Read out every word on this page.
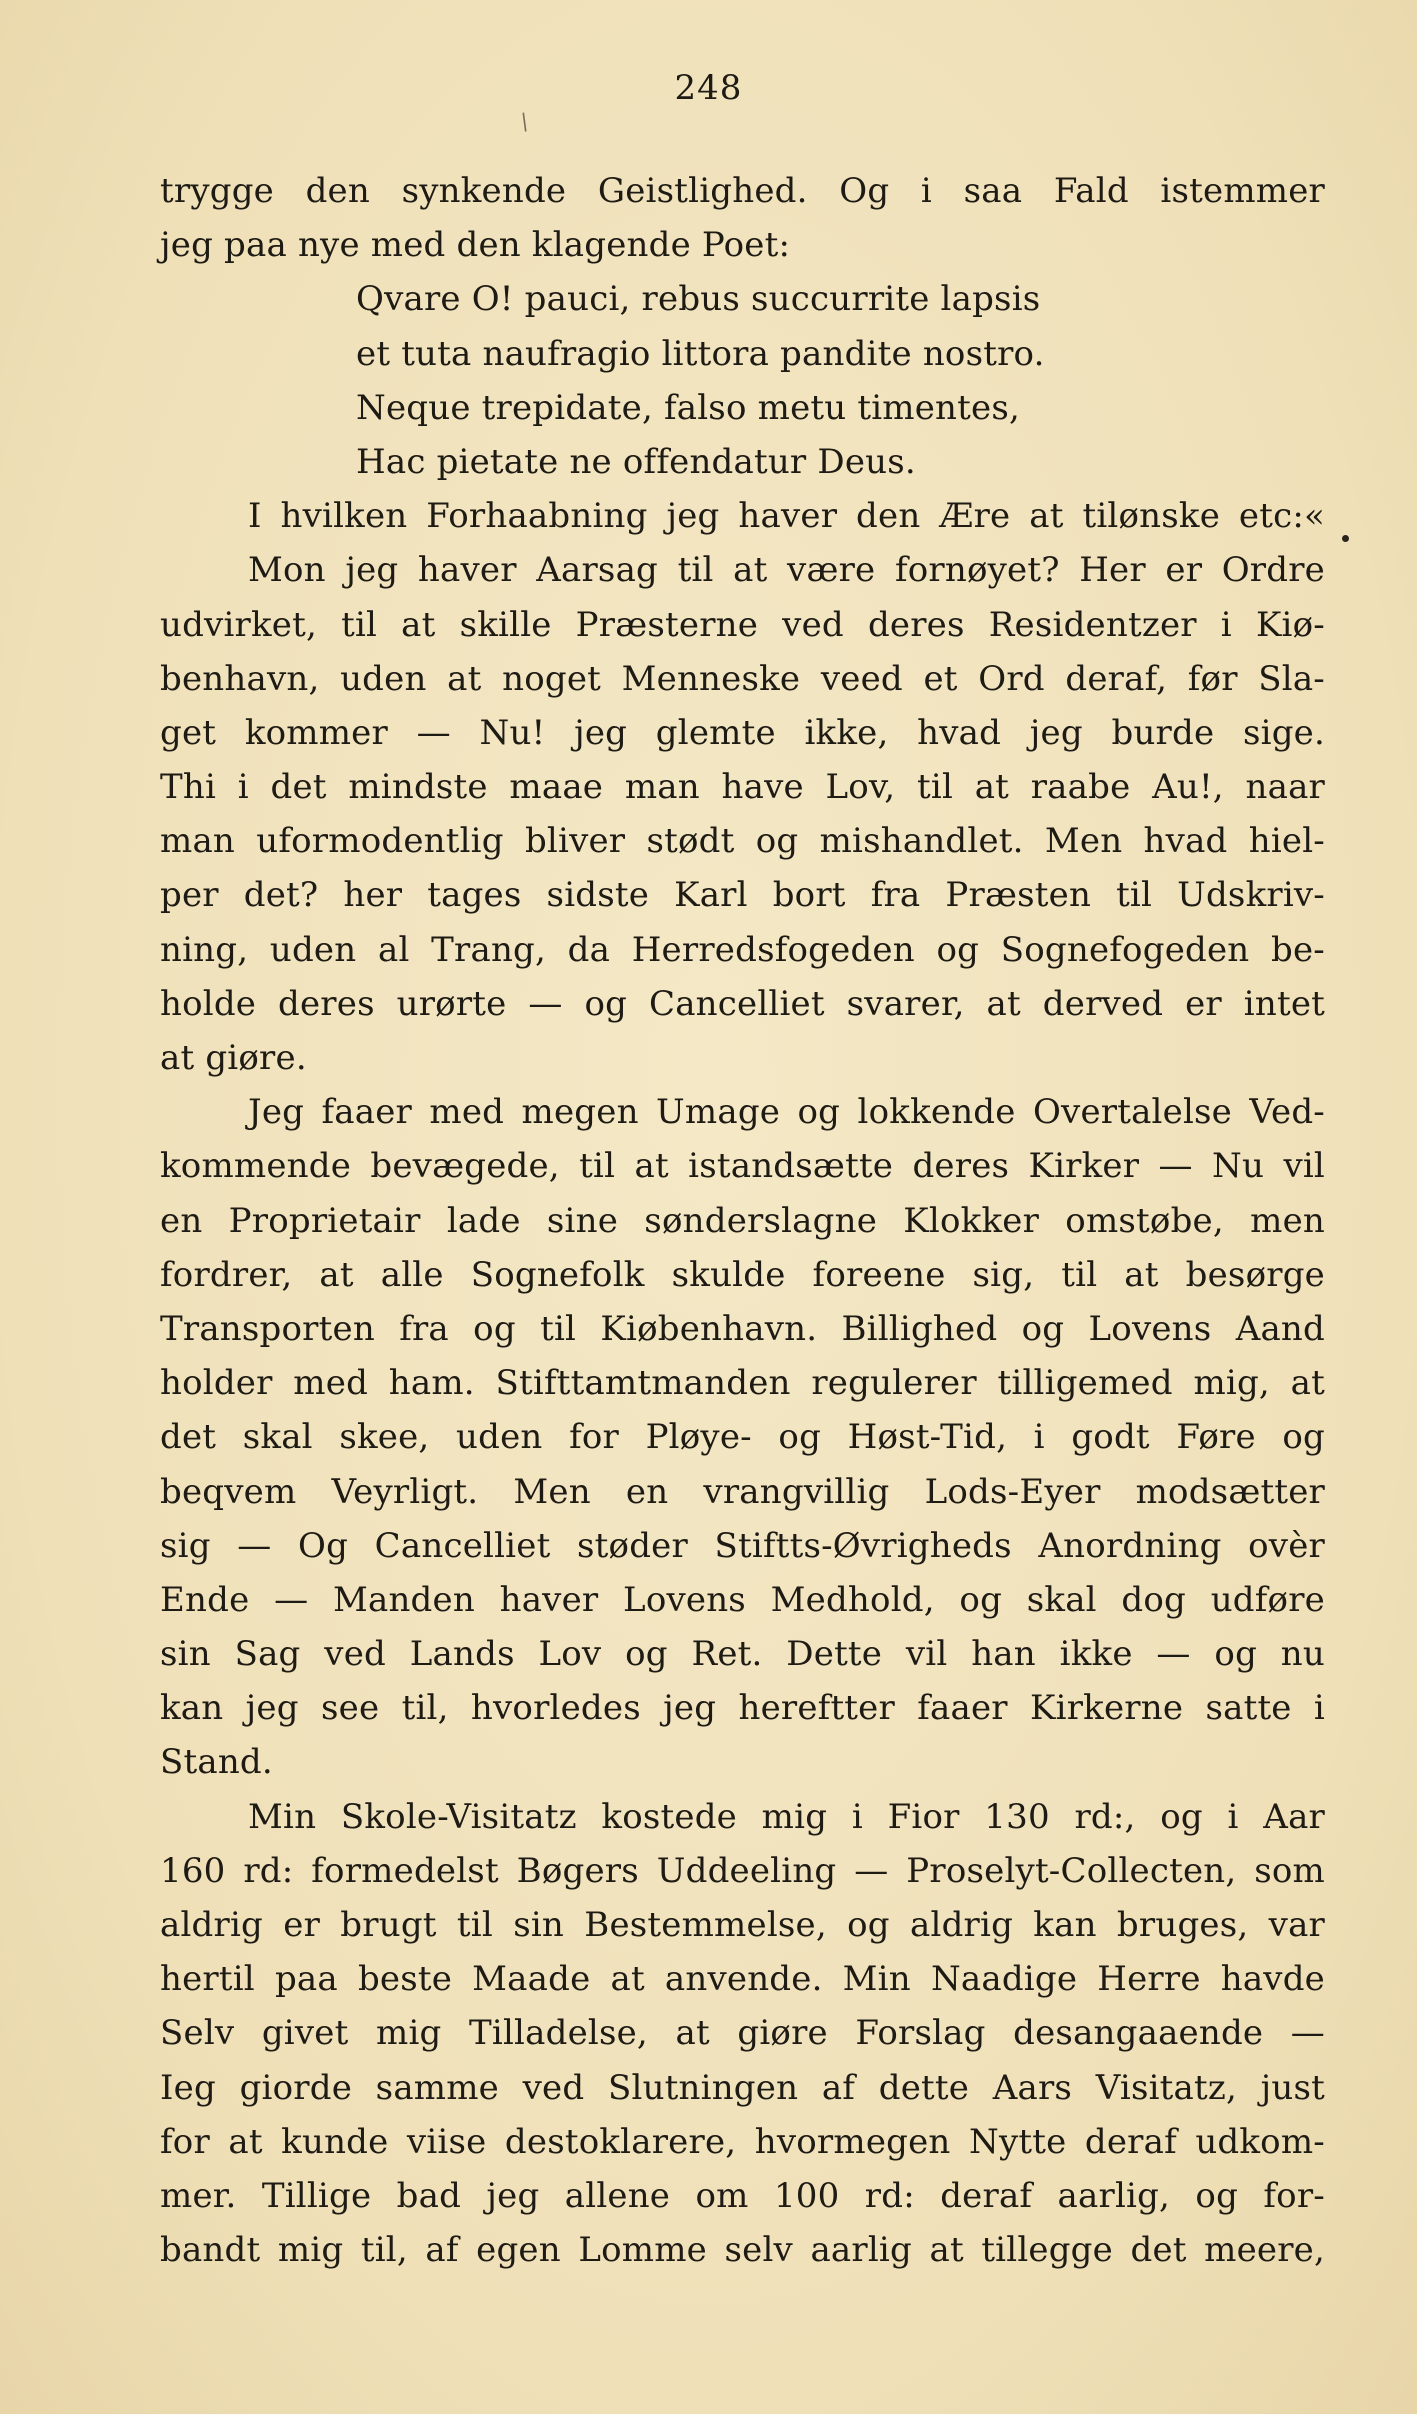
248
/
trygge den synkende Geistlighed. Og i saa Fald istemmer
jeg paa nye med den klagende Poet:
Qvare O! pauci, rebus succurrite lapsis
et tuta naufragio littora pandite nostro.
Neque trepidate, falso metu timentes,
Hac pietate ne offendatur Deus.
I hvilken Forhaabning jeg haver den Ære at tilønske etc:«
Mon jeg haver Aarsag til at være fornøyet? Her er Ordre
udvirket, til at skille Præsterne ved deres Residentzer i Kiø-
benhavn, uden at noget Menneske veed et Ord deraf, før Sla-
get kommer — Nu! jeg glemte ikke, hvad jeg burde sige.
Thi i det mindste maae man have Lov, til at raabe Au!, naar
man uformodentlig bliver stødt og mishandlet. Men hvad hiel-
per det? her tages sidste Karl bort fra Præsten til Udskriv-
ning, uden al Trang, da Herredsfogeden og Sognefogeden be-
holde deres urørte — og Cancelliet svarer, at derved er intet
at giøre.
Jeg faaer med megen Umage og lokkende Overtalelse Ved-
kommende bevægede, til at istandsætte deres Kirker — Nu vil
en Proprietair lade sine sønderslagne Klokker omstøbe, men
fordrer, at alle Sognefolk skulde foreene sig, til at besørge
Transporten fra og til Kiøbenhavn. Billighed og Lovens Aand
holder med ham. Stifttamtmanden regulerer tilligemed mig, at
det skal skee, uden for Pløye- og Høst-Tid, i godt Føre og
beqvem Veyrligt. Men en vrangvillig Lods-Eyer modsætter
sig — Og Cancelliet støder Stiftts-Øvrigheds Anordning ovèr
Ende — Manden haver Lovens Medhold, og skal dog udføre
sin Sag ved Lands Lov og Ret. Dette vil han ikke — og nu
kan jeg see til, hvorledes jeg hereftter faaer Kirkerne satte i
Stand.
Min Skole-Visitatz kostede mig i Fior 130 rd:, og i Aar
160 rd: formedelst Bøgers Uddeeling — Proselyt-Collecten, som
aldrig er brugt til sin Bestemmelse, og aldrig kan bruges, var
hertil paa beste Maade at anvende. Min Naadige Herre havde
Selv givet mig Tilladelse, at giøre Forslag desangaaende —
Ieg giorde samme ved Slutningen af dette Aars Visitatz, just
for at kunde viise destoklarere, hvormegen Nytte deraf udkom-
mer. Tillige bad jeg allene om 100 rd: deraf aarlig, og for-
bandt mig til, af egen Lomme selv aarlig at tillegge det meere,
